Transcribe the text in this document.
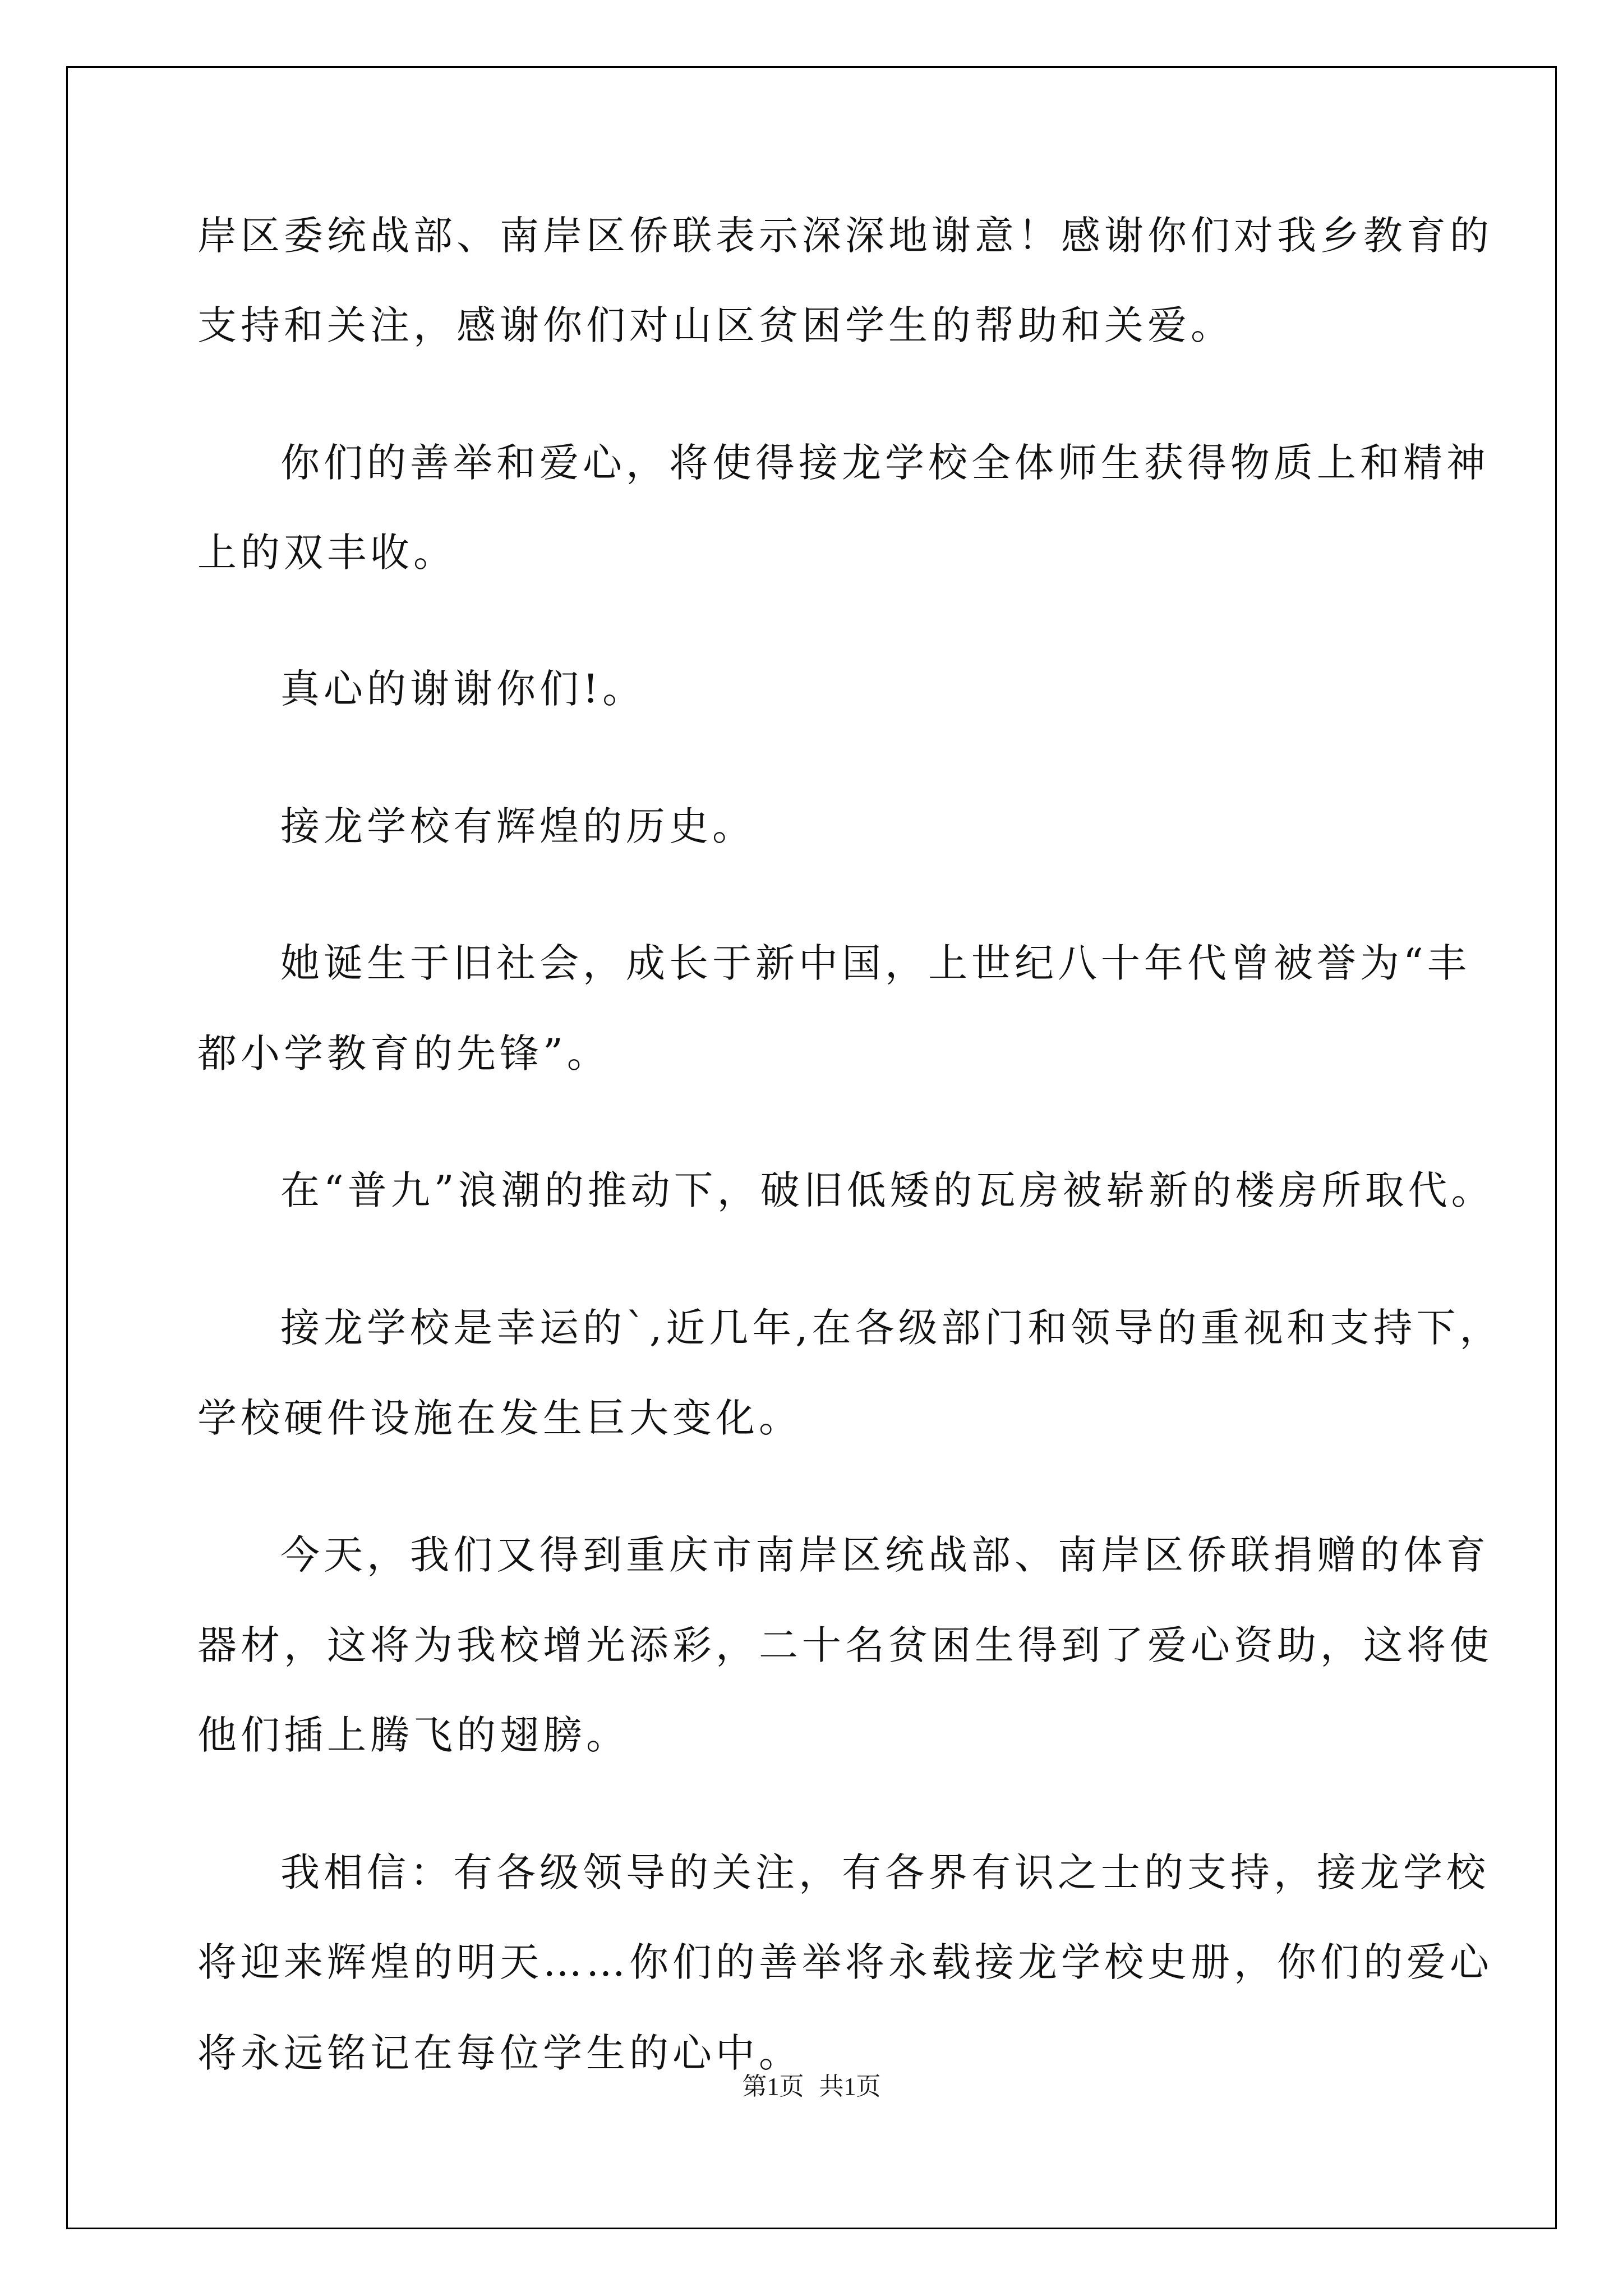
岸区委统战部、南岸区侨联表示深深地谢意！感谢你们对我乡教育的
支持和关注，感谢你们对山区贫困学生的帮助和关爱。
你们的善举和爱心，将使得接龙学校全体师生获得物质上和精神
上的双丰收。
真心的谢谢你们!。
接龙学校有辉煌的历史。
她诞生于旧社会，成长于新中国，上世纪八十年代曾被誉为“丰
都小学教育的先锋”。
在“普九”浪潮的推动下，破旧低矮的瓦房被崭新的楼房所取代。
接龙学校是幸运的`,近几年,在各级部门和领导的重视和支持下，
学校硬件设施在发生巨大变化。
今天，我们又得到重庆市南岸区统战部、南岸区侨联捐赠的体育
器材，这将为我校增光添彩，二十名贫困生得到了爱心资助，这将使
他们插上腾飞的翅膀。
我相信：有各级领导的关注，有各界有识之士的支持，接龙学校
将迎来辉煌的明天……你们的善举将永载接龙学校史册，你们的爱心
将永远铭记在每位学生的心中。
第1页 共1页
